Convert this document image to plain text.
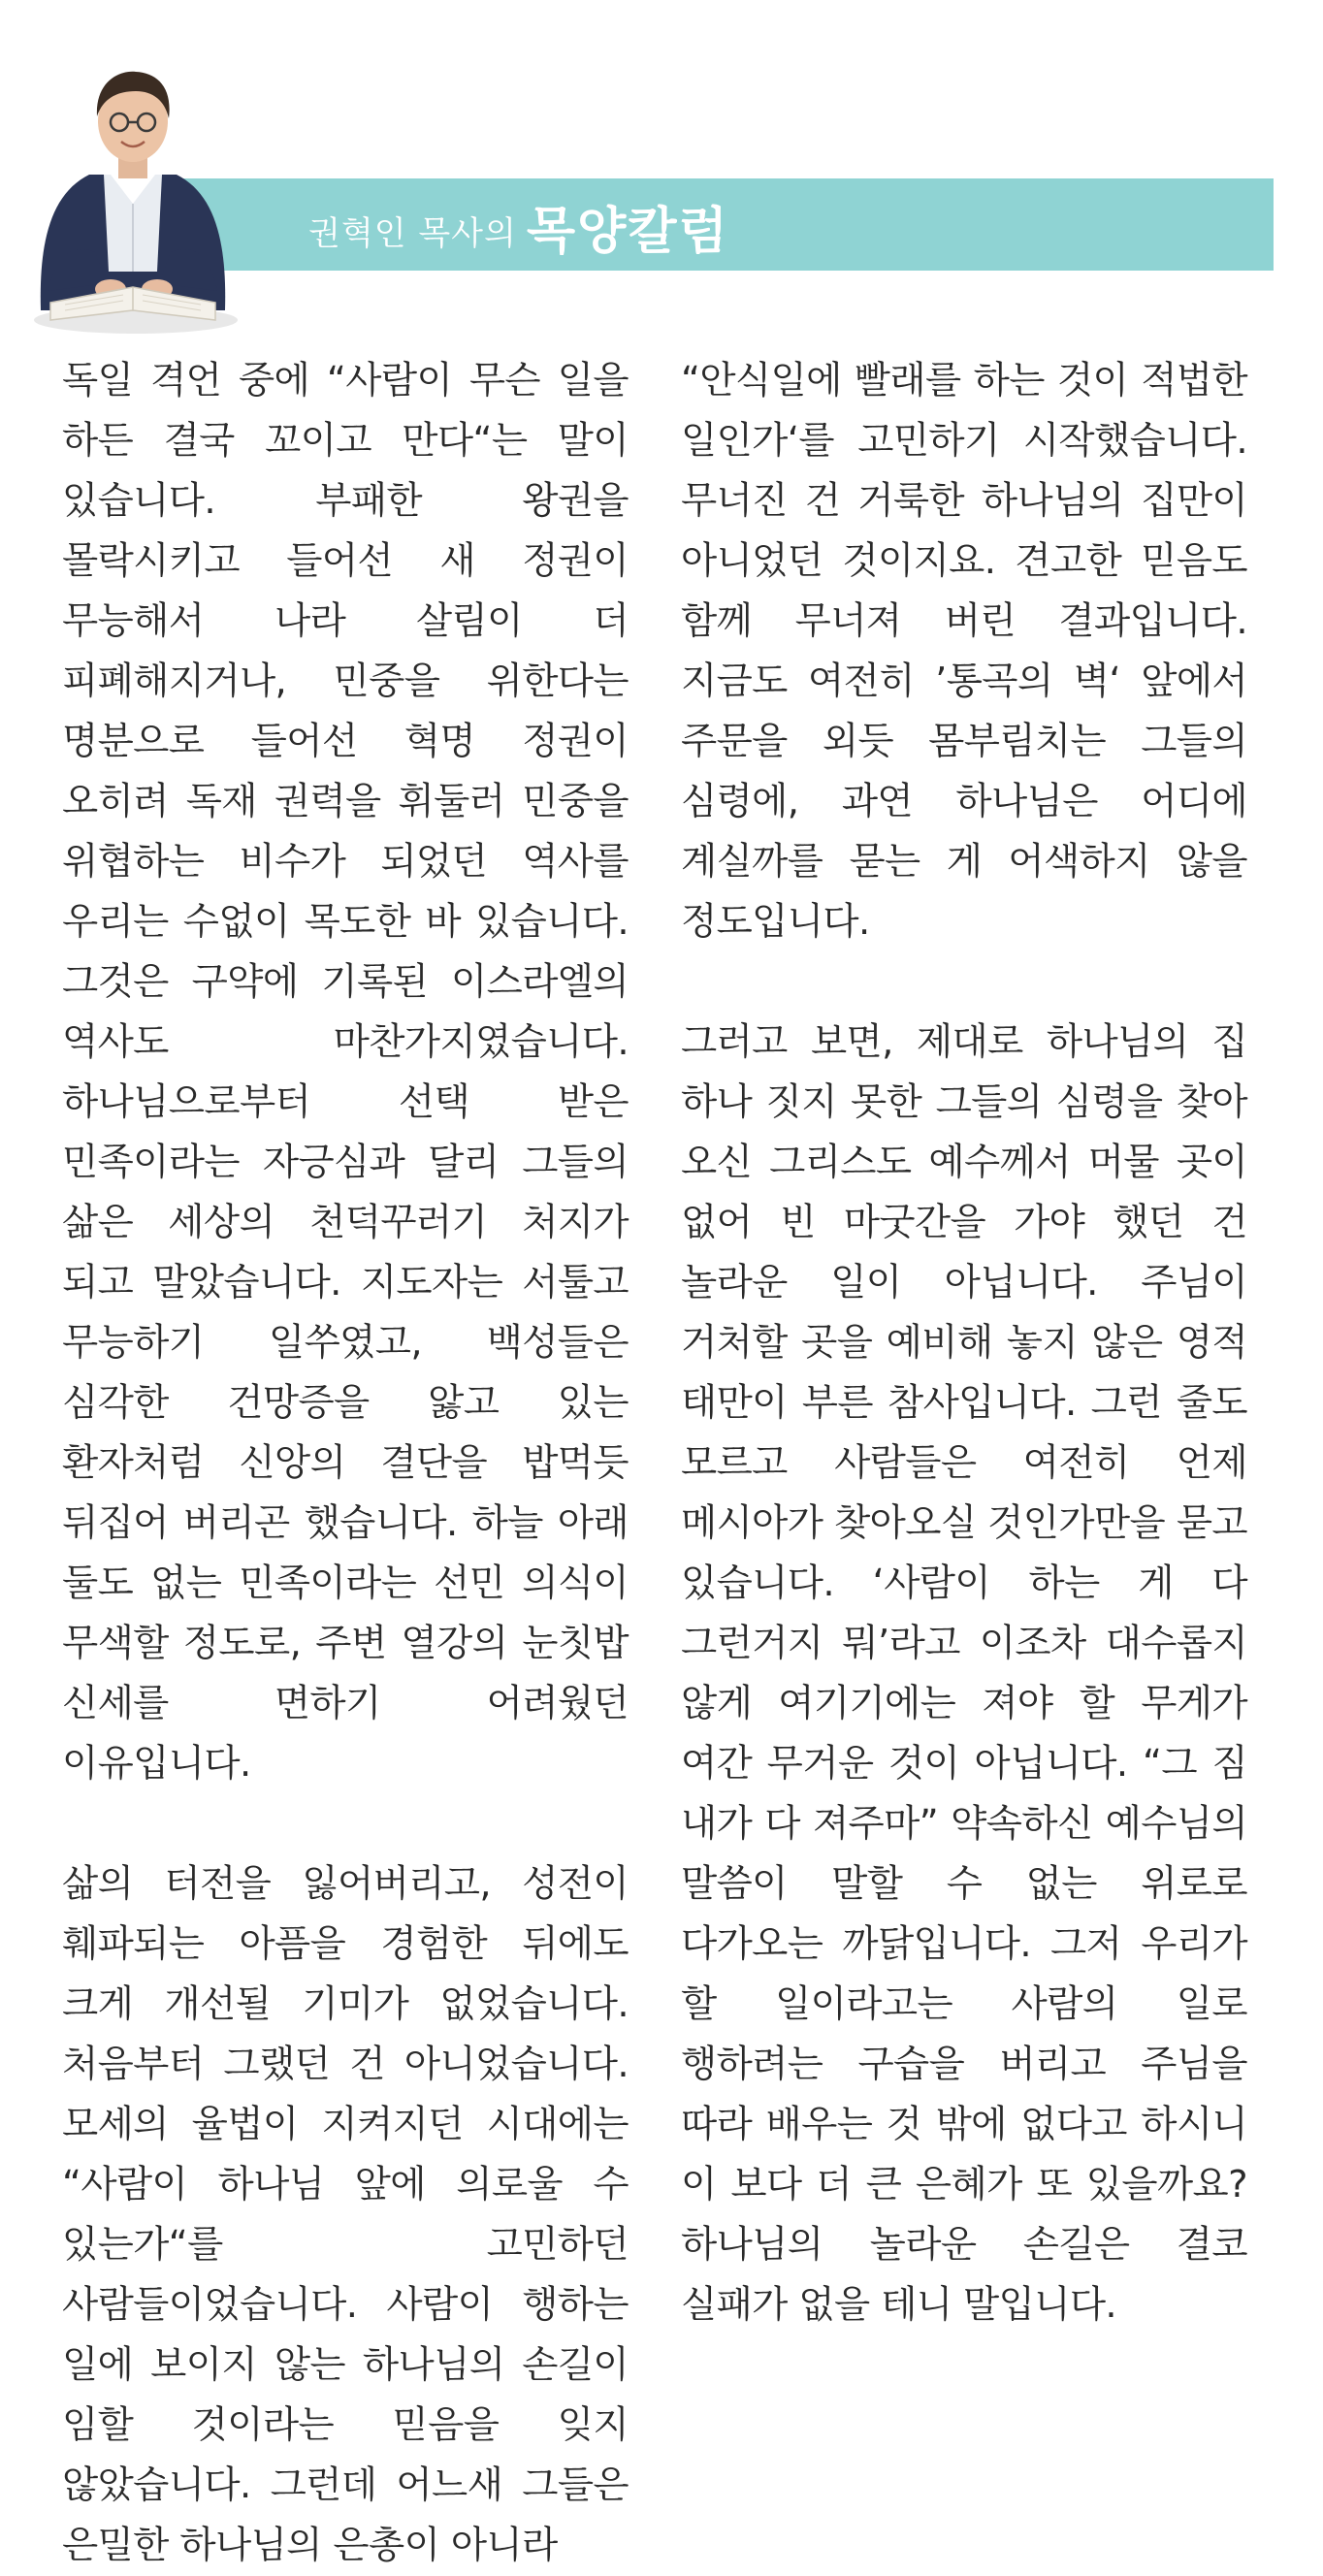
권혁인 목사의 목양칼럼

독일 격언 중에 “사람이 무슨 일을 하든 결국 꼬이고 만다“는 말이 있습니다. 부패한 왕권을 몰락시키고 들어선 새 정권이 무능해서 나라 살림이 더 피폐해지거나, 민중을 위한다는 명분으로 들어선 혁명 정권이 오히려 독재 권력을 휘둘러 민중을 위협하는 비수가 되었던 역사를 우리는 수없이 목도한 바 있습니다. 그것은 구약에 기록된 이스라엘의 역사도 마찬가지였습니다. 하나님으로부터 선택 받은 민족이라는 자긍심과 달리 그들의 삶은 세상의 천덕꾸러기 처지가 되고 말았습니다. 지도자는 서툴고 무능하기 일쑤였고, 백성들은 심각한 건망증을 앓고 있는 환자처럼 신앙의 결단을 밥먹듯 뒤집어 버리곤 했습니다. 하늘 아래 둘도 없는 민족이라는 선민 의식이 무색할 정도로, 주변 열강의 눈칫밥 신세를 면하기 어려웠던 이유입니다.

삶의 터전을 잃어버리고, 성전이 훼파되는 아픔을 경험한 뒤에도 크게 개선될 기미가 없었습니다. 처음부터 그랬던 건 아니었습니다. 모세의 율법이 지켜지던 시대에는 “사람이 하나님 앞에 의로울 수 있는가“를 고민하던 사람들이었습니다. 사람이 행하는 일에 보이지 않는 하나님의 손길이 임할 것이라는 믿음을 잊지 않았습니다. 그런데 어느새 그들은 은밀한 하나님의 은총이 아니라

“안식일에 빨래를 하는 것이 적법한 일인가‘를 고민하기 시작했습니다. 무너진 건 거룩한 하나님의 집만이 아니었던 것이지요. 견고한 믿음도 함께 무너져 버린 결과입니다. 지금도 여전히 ’통곡의 벽‘ 앞에서 주문을 외듯 몸부림치는 그들의 심령에, 과연 하나님은 어디에 계실까를 묻는 게 어색하지 않을 정도입니다.

그러고 보면, 제대로 하나님의 집 하나 짓지 못한 그들의 심령을 찾아 오신 그리스도 예수께서 머물 곳이 없어 빈 마굿간을 가야 했던 건 놀라운 일이 아닙니다. 주님이 거처할 곳을 예비해 놓지 않은 영적 태만이 부른 참사입니다. 그런 줄도 모르고 사람들은 여전히 언제 메시아가 찾아오실 것인가만을 묻고 있습니다. ‘사람이 하는 게 다 그런거지 뭐’라고 이조차 대수롭지 않게 여기기에는 져야 할 무게가 여간 무거운 것이 아닙니다. “그 짐 내가 다 져주마” 약속하신 예수님의 말씀이 말할 수 없는 위로로 다가오는 까닭입니다. 그저 우리가 할 일이라고는 사람의 일로 행하려는 구습을 버리고 주님을 따라 배우는 것 밖에 없다고 하시니 이 보다 더 큰 은혜가 또 있을까요? 하나님의 놀라운 손길은 결코 실패가 없을 테니 말입니다.
